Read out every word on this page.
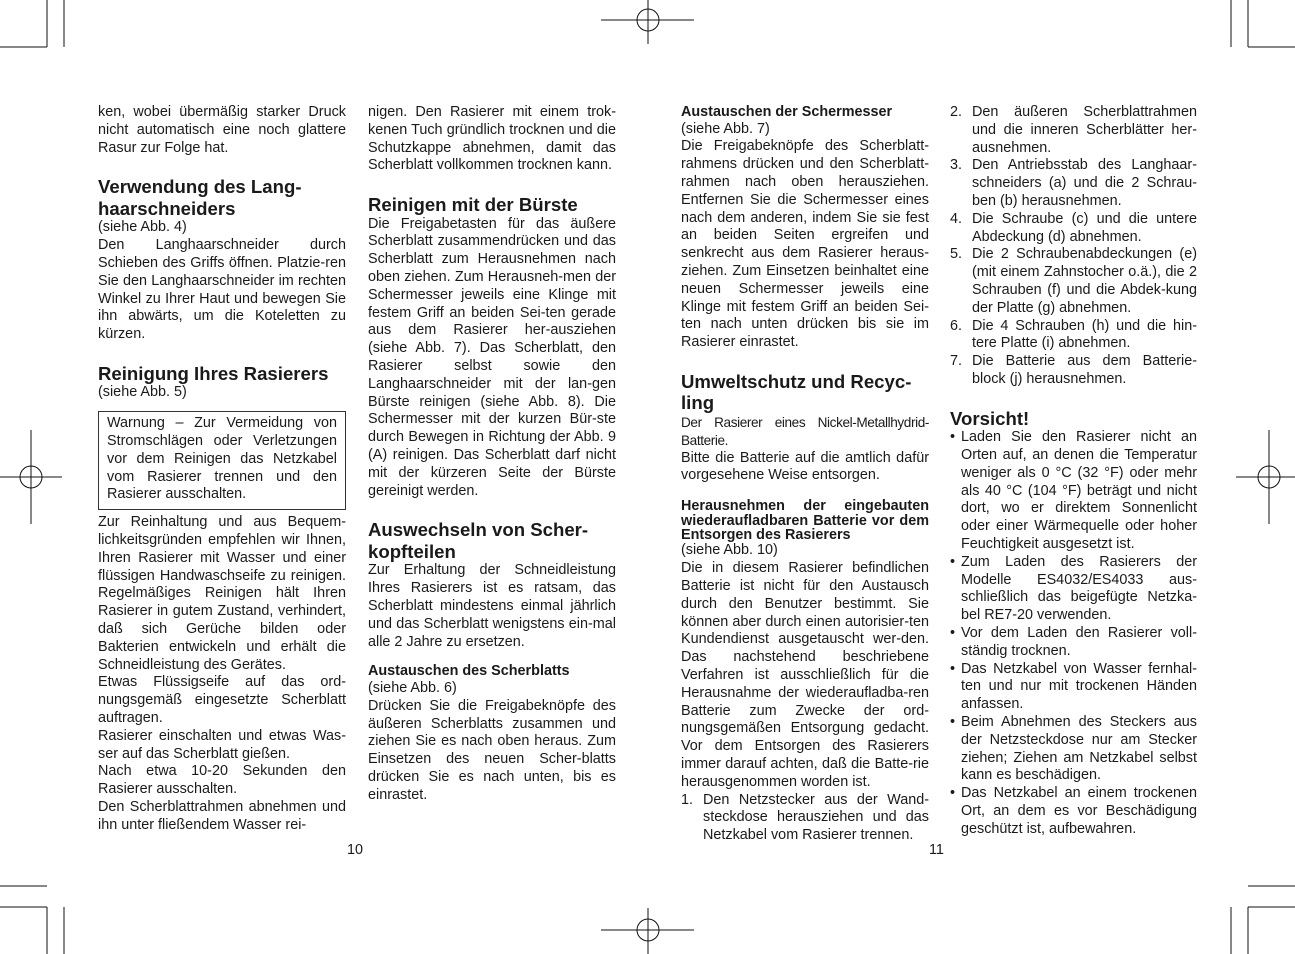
ken, wobei übermäßig starker Druck nicht automatisch eine noch glattere Rasur zur Folge hat.

Verwendung des Lang-haarschneiders

(siehe Abb. 4)

Den Langhaarschneider durch Schieben des Griffs öffnen. Platzie-ren Sie den Langhaarschneider im rechten Winkel zu Ihrer Haut und bewegen Sie ihn abwärts, um die Koteletten zu kürzen.

Reinigung Ihres Rasierers

(siehe Abb. 5)

Warnung – Zur Vermeidung von Stromschlägen oder Verletzungen vor dem Reinigen das Netzkabel vom Rasierer trennen und den Rasierer ausschalten.

Zur Reinhaltung und aus Bequem-lichkeitsgründen empfehlen wir Ihnen, Ihren Rasierer mit Wasser und einer flüssigen Handwaschseife zu reinigen. Regelmäßiges Reinigen hält Ihren Rasierer in gutem Zustand, verhindert, daß sich Gerüche bilden oder Bakterien entwickeln und erhält die Schneidleistung des Gerätes.

Etwas Flüssigseife auf das ord-nungsgemäß eingesetzte Scherblatt auftragen.

Rasierer einschalten und etwas Was-ser auf das Scherblatt gießen.

Nach etwa 10-20 Sekunden den Rasierer ausschalten.

Den Scherblattrahmen abnehmen und ihn unter fließendem Wasser rei-

nigen. Den Rasierer mit einem trok-kenen Tuch gründlich trocknen und die Schutzkappe abnehmen, damit das Scherblatt vollkommen trocknen kann.

Reinigen mit der Bürste

Die Freigabetasten für das äußere Scherblatt zusammendrücken und das Scherblatt zum Herausnehmen nach oben ziehen. Zum Herausneh-men der Schermesser jeweils eine Klinge mit festem Griff an beiden Sei-ten gerade aus dem Rasierer her-ausziehen (siehe Abb. 7). Das Scherblatt, den Rasierer selbst sowie den Langhaarschneider mit der lan-gen Bürste reinigen (siehe Abb. 8). Die Schermesser mit der kurzen Bür-ste durch Bewegen in Richtung der Abb. 9 (A) reinigen. Das Scherblatt darf nicht mit der kürzeren Seite der Bürste gereinigt werden.

Auswechseln von Scher-kopfteilen

Zur Erhaltung der Schneidleistung Ihres Rasierers ist es ratsam, das Scherblatt mindestens einmal jährlich und das Scherblatt wenigstens ein-mal alle 2 Jahre zu ersetzen.

Austauschen des Scherblatts

(siehe Abb. 6)

Drücken Sie die Freigabeknöpfe des äußeren Scherblatts zusammen und ziehen Sie es nach oben heraus. Zum Einsetzen des neuen Scher-blatts drücken Sie es nach unten, bis es einrastet.

10
Austauschen der Schermesser

(siehe Abb. 7)

Die Freigabeknöpfe des Scherblatt-rahmens drücken und den Scherblatt-rahmen nach oben herausziehen. Entfernen Sie die Schermesser eines nach dem anderen, indem Sie sie fest an beiden Seiten ergreifen und senkrecht aus dem Rasierer heraus-ziehen. Zum Einsetzen beinhaltet eine neuen Schermesser jeweils eine Klinge mit festem Griff an beiden Sei-ten nach unten drücken bis sie im Rasierer einrastet.

Umweltschutz und Recyc-ling

Der Rasierer eines Nickel-Metallhydrid-Batterie.

Bitte die Batterie auf die amtlich dafür vorgesehene Weise entsorgen.

Herausnehmen der eingebauten wiederaufladbaren Batterie vor dem Entsorgen des Rasierers

(siehe Abb. 10)

Die in diesem Rasierer befindlichen Batterie ist nicht für den Austausch durch den Benutzer bestimmt. Sie können aber durch einen autorisier-ten Kundendienst ausgetauscht wer-den. Das nachstehend beschriebene Verfahren ist ausschließlich für die Herausnahme der wiederaufladba-ren Batterie zum Zwecke der ord-nungsgemäßen Entsorgung gedacht. Vor dem Entsorgen des Rasierers immer darauf achten, daß die Batte-rie herausgenommen worden ist.

1. Den Netzstecker aus der Wand-steckdose herausziehen und das Netzkabel vom Rasierer trennen.
2. Den äußeren Scherblattrahmen und die inneren Scherblätter her-ausnehmen.
3. Den Antriebsstab des Langhaar-schneiders (a) und die 2 Schrau-ben (b) herausnehmen.
4. Die Schraube (c) und die untere Abdeckung (d) abnehmen.
5. Die 2 Schraubenabdeckungen (e) (mit einem Zahnstocher o.ä.), die 2 Schrauben (f) und die Abdek-kung der Platte (g) abnehmen.
6. Die 4 Schrauben (h) und die hin-tere Platte (i) abnehmen.
7. Die Batterie aus dem Batterie-block (j) herausnehmen.
Vorsicht!
• Laden Sie den Rasierer nicht an Orten auf, an denen die Temperatur weniger als 0 °C (32 °F) oder mehr als 40 °C (104 °F) beträgt und nicht dort, wo er direktem Sonnenlicht oder einer Wärmequelle oder hoher Feuchtigkeit ausgesetzt ist.
• Zum Laden des Rasierers der Modelle ES4032/ES4033 aus-schließlich das beigefügte Netzka-bel RE7-20 verwenden.
• Vor dem Laden den Rasierer voll-ständig trocknen.
• Das Netzkabel von Wasser fernhal-ten und nur mit trockenen Händen anfassen.
• Beim Abnehmen des Steckers aus der Netzsteckdose nur am Stecker ziehen; Ziehen am Netzkabel selbst kann es beschädigen.
• Das Netzkabel an einem trockenen Ort, an dem es vor Beschädigung geschützt ist, aufbewahren.
11
